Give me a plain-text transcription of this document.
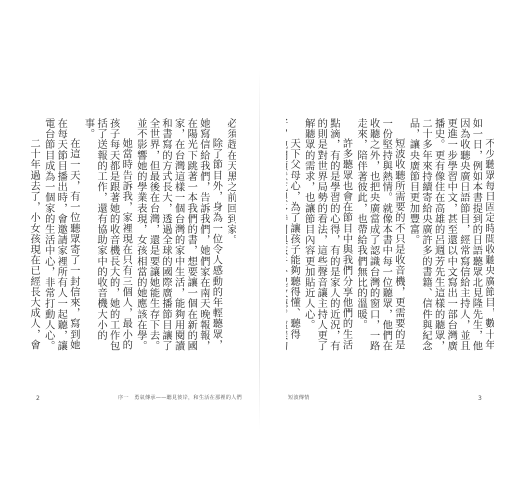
必須趕在天黑之前回到家。

除了節目外，身為一位令人感動的年輕聽眾，她寫信給我們，告訴我們，她們家在南天晚報報，在陽光下跳著一本我們的書，想要讓一個在新的國家，在台灣這樣一個台灣的家中生活，能夠用閱讀和書寫的方式長大，透過全球的國際廣播節目讓了全世界，但最後在台灣，還是要讓她能生存下去。並不影響她的學業表現，女孩相當的她應該在學。

她當時告訴我，家裡現在只有三個人，最小的孩子每天都是跟著她的收音機長大的，她的工作包括了送報的工作，還有協助家中的收音機大小的事。

在這一天，有一位聽眾寄了一封信來，寫到她在每天節目播出時，會邀請家裡所有人一起聽，讓電台節目成為一個家的生活中心，非常打動人心。

二十年過去了，小女孩現在已經長大成人，會

2	序一　勇氣傳承——聽見彼岸，和生活在那裡的人們

不少聽眾每日固定時間收聽央廣節目，數十年如一日，例如本書提到的日語聽眾北見隆先生，他因為收聽央廣日語節目，經常寫信給主持人，並且更進一步學習中文，甚至還以中文寫出一部台灣廣播史。更有像住在高雄的呂週芳先生這樣的聽眾，二十多年來持續寄給央廣許多的書籍、信件與紀念品，讓央廣節目更加豐富。

短波收聽所需要的不只是收音機，更需要的是一份堅持與熱情。就像本書中每一位聽眾，他們在收聽之外，也把央廣當成了認識台灣的窗口，一路走來，陪伴著彼此，也帶給我們無比的溫暖。

許多聽眾也會在節目中與我們分享他們的生活點滴，有的是學習的心得，有的是家人的近況，有的則是對世界局勢的看法，這些聲音讓主持人更了解聽眾的需求，也讓節目內容更加貼近人心。

天下父母心，為了讓孩子能夠聽得懂、聽得

短波傳情	3
